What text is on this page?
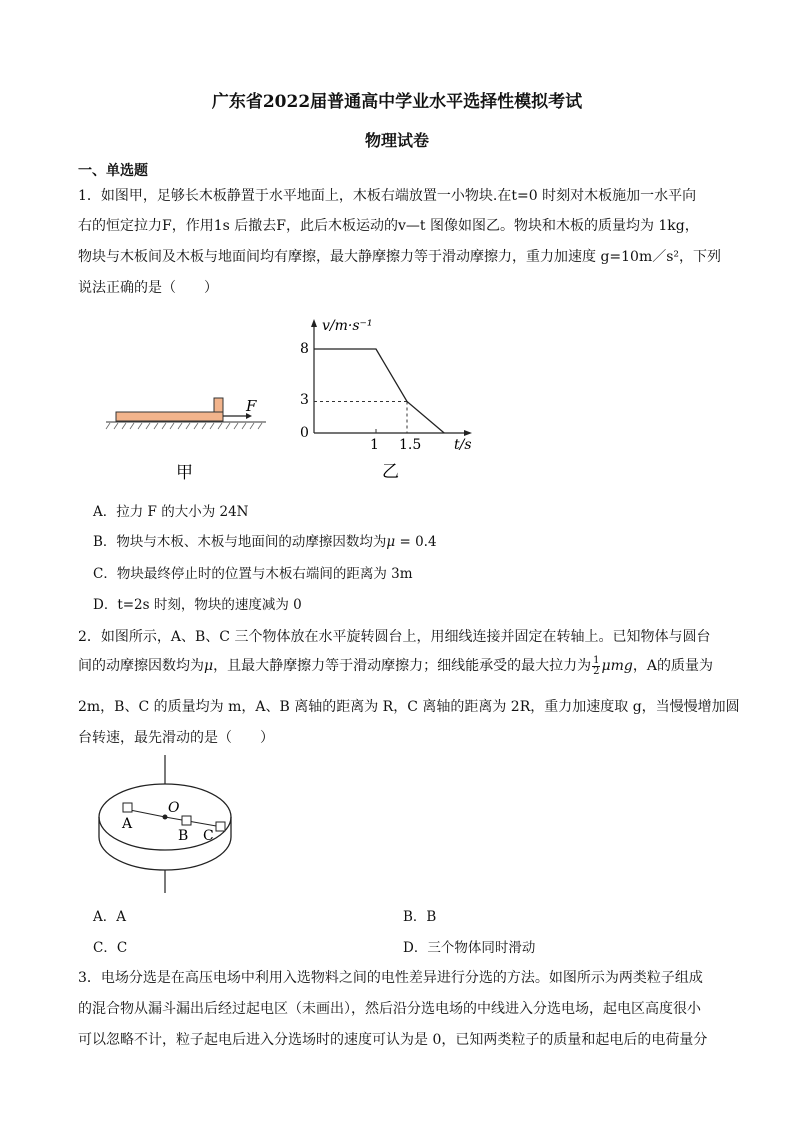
广东省2022届普通高中学业水平选择性模拟考试
物理试卷
一、单选题
1．如图甲，足够长木板静置于水平地面上，木板右端放置一小物块.在t=0 时刻对木板施加一水平向
右的恒定拉力F，作用1s 后撤去F，此后木板运动的v—t 图像如图乙。物块和木板的质量均为 1kg，
物块与木板间及木板与地面间均有摩擦，最大静摩擦力等于滑动摩擦力，重力加速度 g=10m／s²，下列
说法正确的是（　　）
F
甲
v/m·s⁻¹
t/s
8
3
0
1 1.5
乙
A．拉力 F 的大小为 24N
B．物块与木板、木板与地面间的动摩擦因数均为μ = 0.4
C．物块最终停止时的位置与木板右端间的距离为 3m
D．t=2s 时刻，物块的速度减为 0
2．如图所示，A、B、C 三个物体放在水平旋转圆台上，用细线连接并固定在转轴上。已知物体与圆台
间的动摩擦因数均为μ，且最大静摩擦力等于滑动摩擦力；细线能承受的最大拉力为 $\frac{1}{2}$ μmg，A的质量为
2m，B、C 的质量均为 m，A、B 离轴的距离为 R，C 离轴的距离为 2R，重力加速度取 g，当慢慢增加圆
台转速，最先滑动的是（　　）
O
A
B C
A．A	B．B
C．C	D．三个物体同时滑动
3．电场分选是在高压电场中利用入选物料之间的电性差异进行分选的方法。如图所示为两类粒子组成
的混合物从漏斗漏出后经过起电区（未画出），然后沿分选电场的中线进入分选电场，起电区高度很小
可以忽略不计，粒子起电后进入分选场时的速度可认为是 0，已知两类粒子的质量和起电后的电荷量分
